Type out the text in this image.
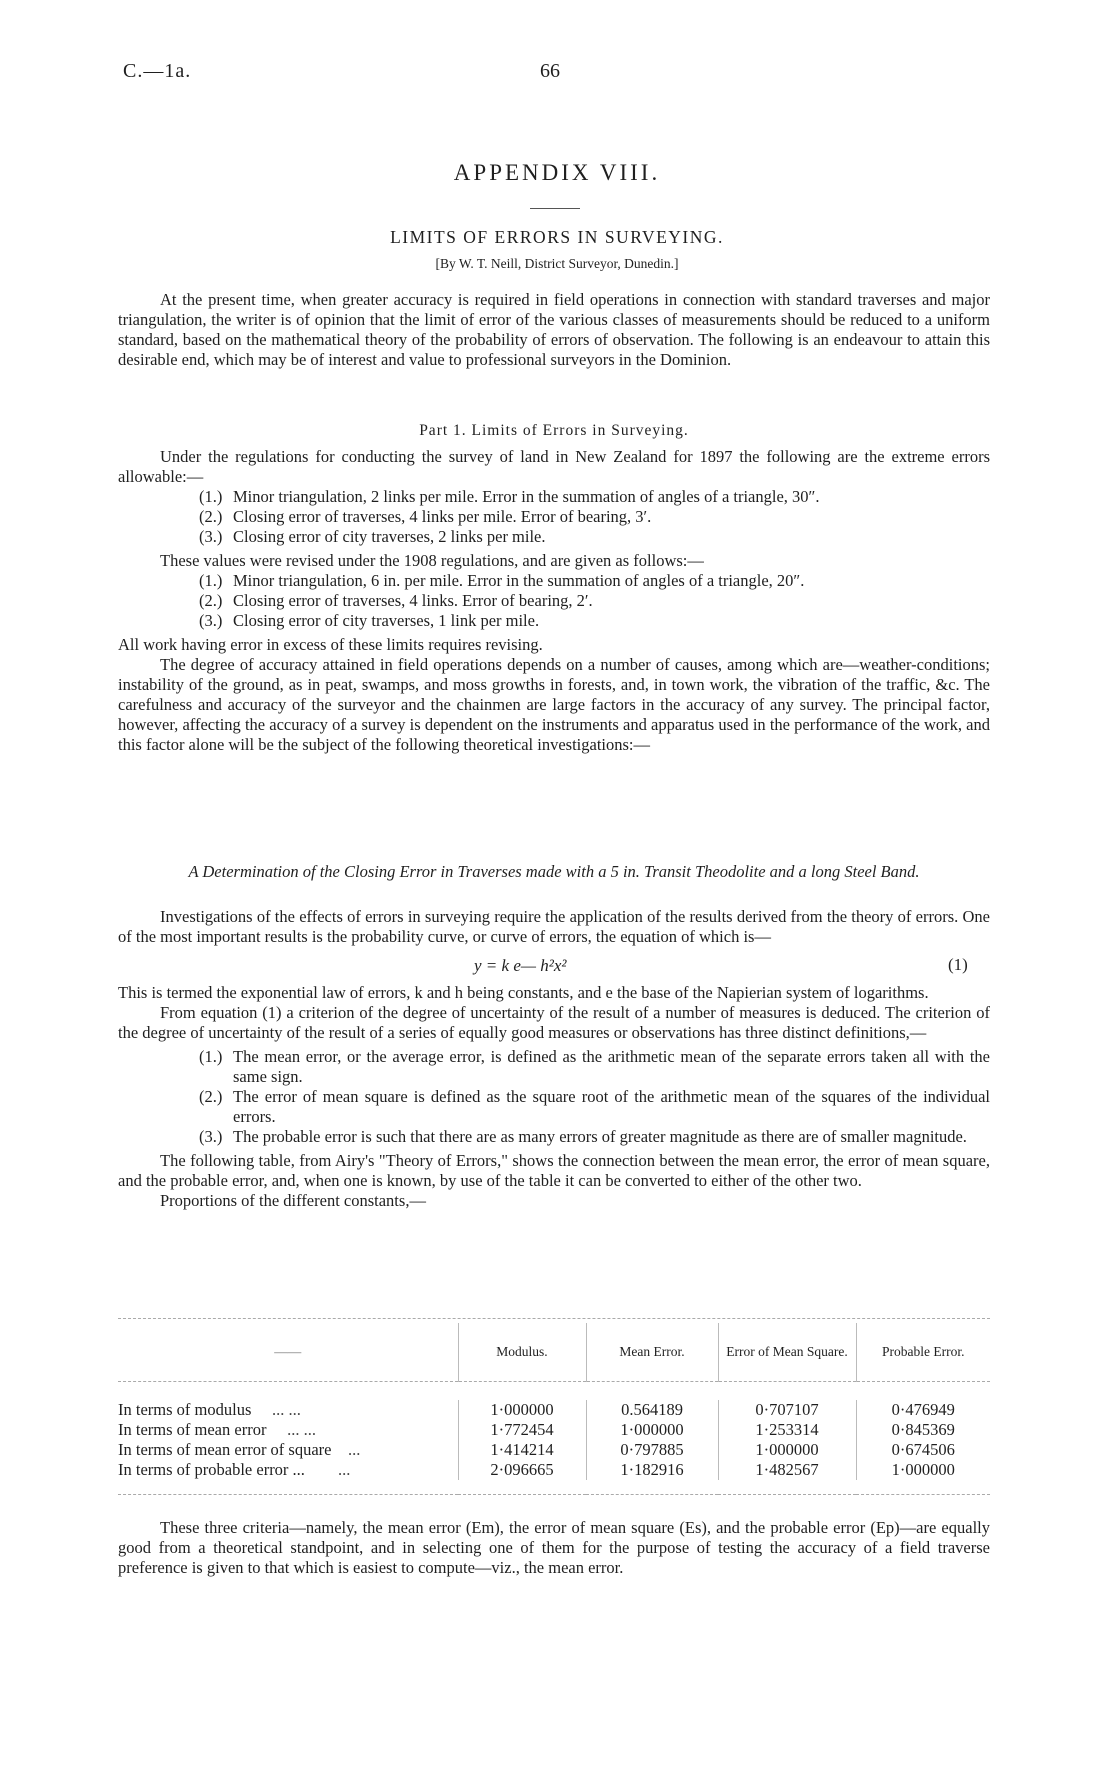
C.—1a.	66
APPENDIX VIII.
LIMITS OF ERRORS IN SURVEYING.
[By W. T. Neill, District Surveyor, Dunedin.]

At the present time, when greater accuracy is required in field operations in connection with standard traverses and major triangulation, the writer is of opinion that the limit of error of the various classes of measurements should be reduced to a uniform standard, based on the mathematical theory of the probability of errors of observation. The following is an endeavour to attain this desirable end, which may be of interest and value to professional surveyors in the Dominion.

Part 1. Limits of Errors in Surveying.

Under the regulations for conducting the survey of land in New Zealand for 1897 the following are the extreme errors allowable:—

(1.) Minor triangulation, 2 links per mile. Error in the summation of angles of a triangle, 30″.
(2.) Closing error of traverses, 4 links per mile. Error of bearing, 3′.
(3.) Closing error of city traverses, 2 links per mile.

These values were revised under the 1908 regulations, and are given as follows:—

(1.) Minor triangulation, 6 in. per mile. Error in the summation of angles of a triangle, 20″.
(2.) Closing error of traverses, 4 links. Error of bearing, 2′.
(3.) Closing error of city traverses, 1 link per mile.

All work having error in excess of these limits requires revising.

The degree of accuracy attained in field operations depends on a number of causes, among which are—weather-conditions; instability of the ground, as in peat, swamps, and moss growths in forests, and, in town work, the vibration of the traffic, &c. The carefulness and accuracy of the surveyor and the chainmen are large factors in the accuracy of any survey. The principal factor, however, affecting the accuracy of a survey is dependent on the instruments and apparatus used in the performance of the work, and this factor alone will be the subject of the following theoretical investigations:—

A Determination of the Closing Error in Traverses made with a 5 in. Transit Theodolite and a long Steel Band.

Investigations of the effects of errors in surveying require the application of the results derived from the theory of errors. One of the most important results is the probability curve, or curve of errors, the equation of which is—

y = k e— h²x²	(1)

This is termed the exponential law of errors, k and h being constants, and e the base of the Napierian system of logarithms.

From equation (1) a criterion of the degree of uncertainty of the result of a number of measures is deduced. The criterion of the degree of uncertainty of the result of a series of equally good measures or observations has three distinct definitions,—

(1.) The mean error, or the average error, is defined as the arithmetic mean of the separate errors taken all with the same sign.
(2.) The error of mean square is defined as the square root of the arithmetic mean of the squares of the individual errors.
(3.) The probable error is such that there are as many errors of greater magnitude as there are of smaller magnitude.

The following table, from Airy's "Theory of Errors," shows the connection between the mean error, the error of mean square, and the probable error, and, when one is known, by use of the table it can be converted to either of the other two.

Proportions of the different constants,—

——	Modulus.	Mean Error.	Error of Mean Square.	Probable Error.

In terms of modulus ... ...	1·000000	0.564189	0·707107	0·476949
In terms of mean error ... ...	1·772454	1·000000	1·253314	0·845369
In terms of mean error of square ...	1·414214	0·797885	1·000000	0·674506
In terms of probable error ... ...	2·096665	1·182916	1·482567	1·000000

These three criteria—namely, the mean error (Em), the error of mean square (Es), and the probable error (Ep)—are equally good from a theoretical standpoint, and in selecting one of them for the purpose of testing the accuracy of a field traverse preference is given to that which is easiest to compute—viz., the mean error.
